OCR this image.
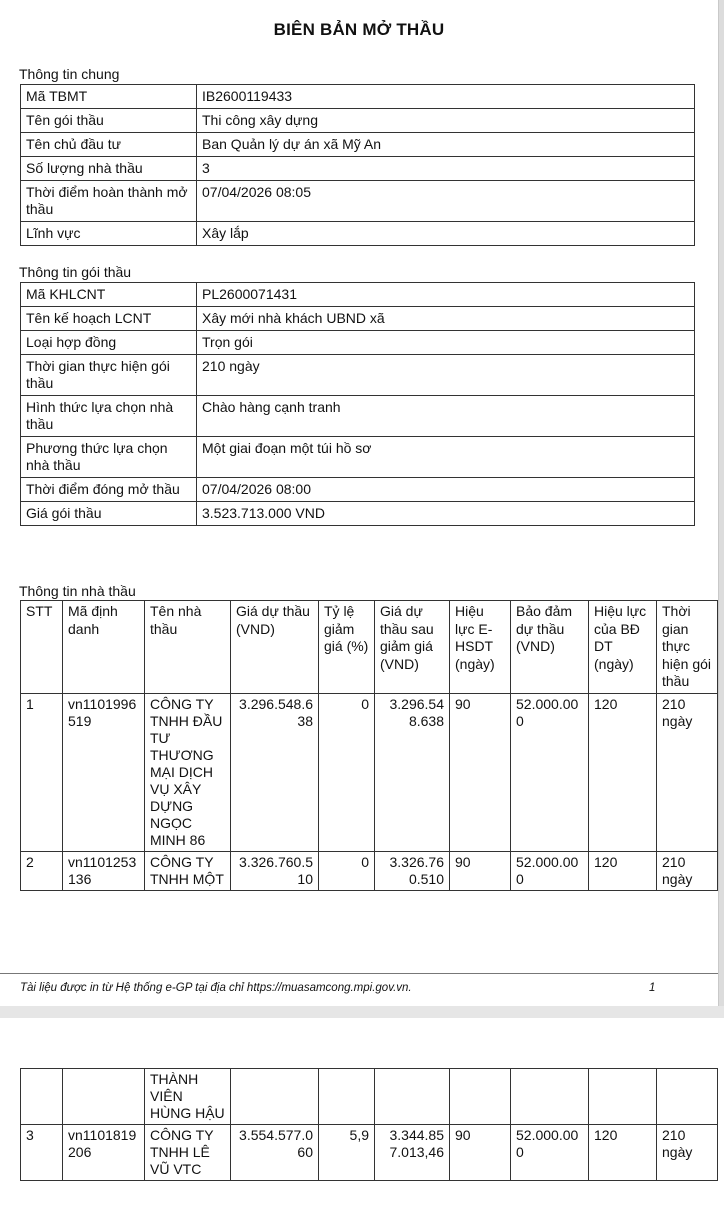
BIÊN BẢN MỞ THẦU
Thông tin chung
Mã TBMT	IB2600119433
Tên gói thầu	Thi công xây dựng
Tên chủ đầu tư	Ban Quản lý dự án xã Mỹ An
Số lượng nhà thầu	3
Thời điểm hoàn thành mở thầu	07/04/2026 08:05
Lĩnh vực	Xây lắp
Thông tin gói thầu
Mã KHLCNT	PL2600071431
Tên kế hoạch LCNT	Xây mới nhà khách UBND xã
Loại hợp đồng	Trọn gói
Thời gian thực hiện gói thầu	210 ngày
Hình thức lựa chọn nhà thầu	Chào hàng cạnh tranh
Phương thức lựa chọn nhà thầu	Một giai đoạn một túi hồ sơ
Thời điểm đóng mở thầu	07/04/2026 08:00
Giá gói thầu	3.523.713.000 VND
Thông tin nhà thầu
STT	Mã định danh	Tên nhà thầu	Giá dự thầu (VND)	Tỷ lệ giảm giá (%)	Giá dự thầu sau giảm giá (VND)	Hiệu lực E-HSDT (ngày)	Bảo đảm dự thầu (VND)	Hiệu lực của BĐ DT (ngày)	Thời gian thực hiện gói thầu
1	vn1101996519	CÔNG TY TNHH ĐẦU TƯ THƯƠNG MẠI DỊCH VỤ XÂY DỰNG NGỌC MINH 86	3.296.548.638	0	3.296.548.638	90	52.000.000	120	210 ngày
2	vn1101253136	CÔNG TY TNHH MỘT	3.326.760.510	0	3.326.760.510	90	52.000.000	120	210 ngày
Tài liệu được in từ Hệ thống e-GP tại địa chỉ https://muasamcong.mpi.gov.vn.	1
		THÀNH VIÊN HÙNG HẬU							
3	vn1101819206	CÔNG TY TNHH LÊ VŨ VTC	3.554.577.060	5,9	3.344.857.013,46	90	52.000.000	120	210 ngày
